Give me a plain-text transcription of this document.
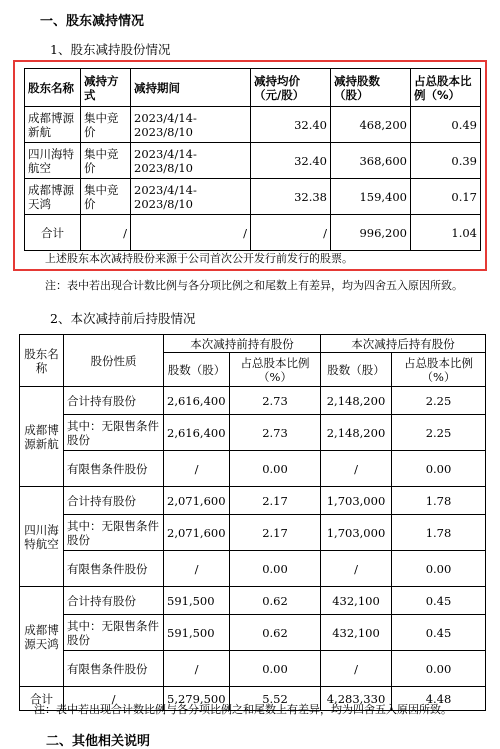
一、股东减持情况
1、股东减持股份情况
股东名称	减持方式	减持期间	减持均价（元/股）	减持股数（股）	占总股本比例（%）
成都博源新航	集中竞价	2023/4/14-2023/8/10	32.40	468,200	0.49
四川海特航空	集中竞价	2023/4/14-2023/8/10	32.40	368,600	0.39
成都博源天鸿	集中竞价	2023/4/14-2023/8/10	32.38	159,400	0.17
合计	/	/	/	996,200	1.04
上述股东本次减持股份来源于公司首次公开发行前发行的股票。
注：表中若出现合计数比例与各分项比例之和尾数上有差异，均为四舍五入原因所致。
2、本次减持前后持股情况
股东名称	股份性质	本次减持前持有股份		本次减持后持有股份	
		股数（股）	占总股本比例（%）	股数（股）	占总股本比例（%）
成都博源新航	合计持有股份	2,616,400	2.73	2,148,200	2.25
	其中：无限售条件股份	2,616,400	2.73	2,148,200	2.25
	有限售条件股份	/	0.00	/	0.00
四川海特航空	合计持有股份	2,071,600	2.17	1,703,000	1.78
	其中：无限售条件股份	2,071,600	2.17	1,703,000	1.78
	有限售条件股份	/	0.00	/	0.00
成都博源天鸿	合计持有股份	591,500	0.62	432,100	0.45
	其中：无限售条件股份	591,500	0.62	432,100	0.45
	有限售条件股份	/	0.00	/	0.00
合计	/	5,279,500	5.52	4,283,330	4.48
注：表中若出现合计数比例与各分项比例之和尾数上有差异，均为四舍五入原因所致。
二、其他相关说明
